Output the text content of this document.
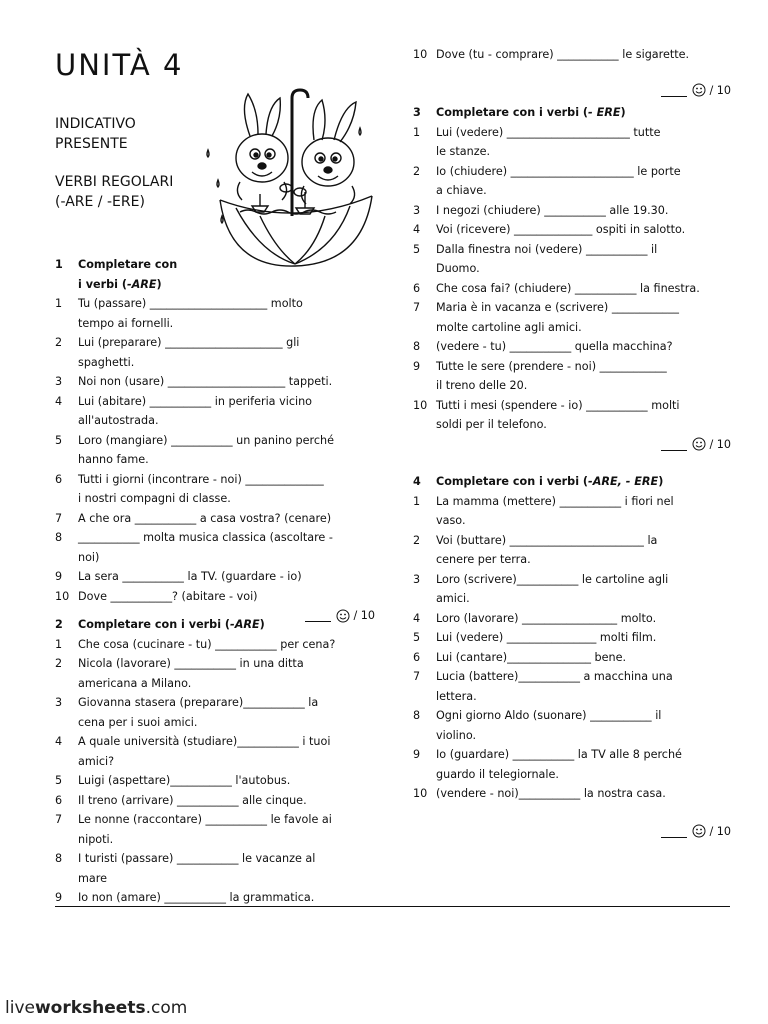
UNITÀ 4
INDICATIVO
PRESENTE
VERBI REGOLARI
(-ARE / -ERE)
1	Completare con
i verbi (-ARE)
1	Tu (passare) _____________________ molto
tempo ai fornelli.
2	Lui (preparare) _____________________ gli
spaghetti.
3	Noi non (usare) _____________________ tappeti.
4	Lui (abitare) ___________ in periferia vicino
all'autostrada.
5	Loro (mangiare) ___________ un panino perché
hanno fame.
6	Tutti i giorni (incontrare - noi) ______________
i nostri compagni di classe.
7	A che ora ___________ a casa vostra? (cenare)
8	___________ molta musica classica (ascoltare -
noi)
9	La sera ___________ la TV. (guardare - io)
10 Dove ___________? (abitare - voi)
/ 10
2	Completare con i verbi (-ARE)
1	Che cosa (cucinare - tu) ___________ per cena?
2	Nicola (lavorare) ___________ in una ditta
americana a Milano.
3	Giovanna stasera (preparare)___________ la
cena per i suoi amici.
4	A quale università (studiare)___________ i tuoi
amici?
5	Luigi (aspettare)___________ l'autobus.
6	Il treno (arrivare) ___________ alle cinque.
7	Le nonne (raccontare) ___________ le favole ai
nipoti.
8	I turisti (passare) ___________ le vacanze al
mare
9	Io non (amare) ___________ la grammatica.
10 Dove (tu - comprare) ___________ le sigarette.
/ 10
3	Completare con i verbi (- ERE)
1	Lui (vedere) ______________________ tutte
le stanze.
2	Io (chiudere) ______________________ le porte
a chiave.
3	I negozi (chiudere) ___________ alle 19.30.
4	Voi (ricevere) ______________ ospiti in salotto.
5	Dalla finestra noi (vedere) ___________ il
Duomo.
6	Che cosa fai? (chiudere) ___________ la finestra.
7	Maria è in vacanza e (scrivere) ____________
molte cartoline agli amici.
8	(vedere - tu) ___________ quella macchina?
9	Tutte le sere (prendere - noi) ____________
il treno delle 20.
10 Tutti i mesi (spendere - io) ___________ molti
soldi per il telefono.
/ 10
4	Completare con i verbi (-ARE, - ERE)
1	La mamma (mettere) ___________ i fiori nel
vaso.
2	Voi (buttare) ________________________ la
cenere per terra.
3	Loro (scrivere)___________ le cartoline agli
amici.
4	Loro (lavorare) _________________ molto.
5	Lui (vedere) ________________ molti film.
6	Lui (cantare)_______________ bene.
7	Lucia (battere)___________ a macchina una
lettera.
8	Ogni giorno Aldo (suonare) ___________ il
violino.
9	Io (guardare) ___________ la TV alle 8 perché
guardo il telegiornale.
10 (vendere - noi)___________ la nostra casa.
/ 10
liveworksheets.com
